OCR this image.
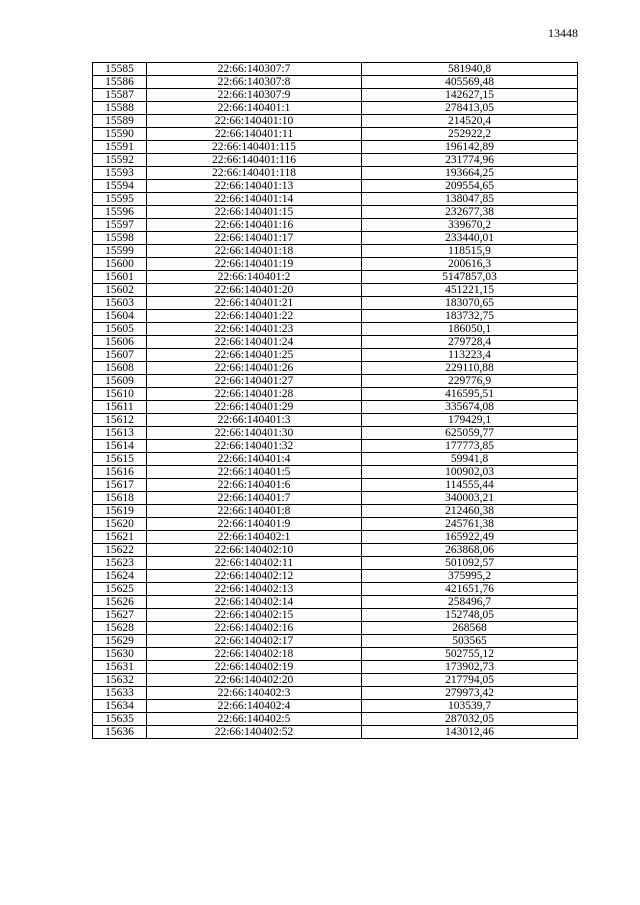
13448
15585	22:66:140307:7	581940,8
15586	22:66:140307:8	405569,48
15587	22:66:140307:9	142627,15
15588	22:66:140401:1	278413,05
15589	22:66:140401:10	214520,4
15590	22:66:140401:11	252922,2
15591	22:66:140401:115	196142,89
15592	22:66:140401:116	231774,96
15593	22:66:140401:118	193664,25
15594	22:66:140401:13	209554,65
15595	22:66:140401:14	138047,85
15596	22:66:140401:15	232677,38
15597	22:66:140401:16	339670,2
15598	22:66:140401:17	233440,01
15599	22:66:140401:18	118515,9
15600	22:66:140401:19	200616,3
15601	22:66:140401:2	5147857,03
15602	22:66:140401:20	451221,15
15603	22:66:140401:21	183070,65
15604	22:66:140401:22	183732,75
15605	22:66:140401:23	186050,1
15606	22:66:140401:24	279728,4
15607	22:66:140401:25	113223,4
15608	22:66:140401:26	229110,88
15609	22:66:140401:27	229776,9
15610	22:66:140401:28	416595,51
15611	22:66:140401:29	335674,08
15612	22:66:140401:3	179429,1
15613	22:66:140401:30	625059,77
15614	22:66:140401:32	177773,85
15615	22:66:140401:4	59941,8
15616	22:66:140401:5	100902,03
15617	22:66:140401:6	114555,44
15618	22:66:140401:7	340003,21
15619	22:66:140401:8	212460,38
15620	22:66:140401:9	245761,38
15621	22:66:140402:1	165922,49
15622	22:66:140402:10	263868,06
15623	22:66:140402:11	501092,57
15624	22:66:140402:12	375995,2
15625	22:66:140402:13	421651,76
15626	22:66:140402:14	258496,7
15627	22:66:140402:15	152748,05
15628	22:66:140402:16	268568
15629	22:66:140402:17	503565
15630	22:66:140402:18	502755,12
15631	22:66:140402:19	173902,73
15632	22:66:140402:20	217794,05
15633	22:66:140402:3	279973,42
15634	22:66:140402:4	103539,7
15635	22:66:140402:5	287032,05
15636	22:66:140402:52	143012,46
